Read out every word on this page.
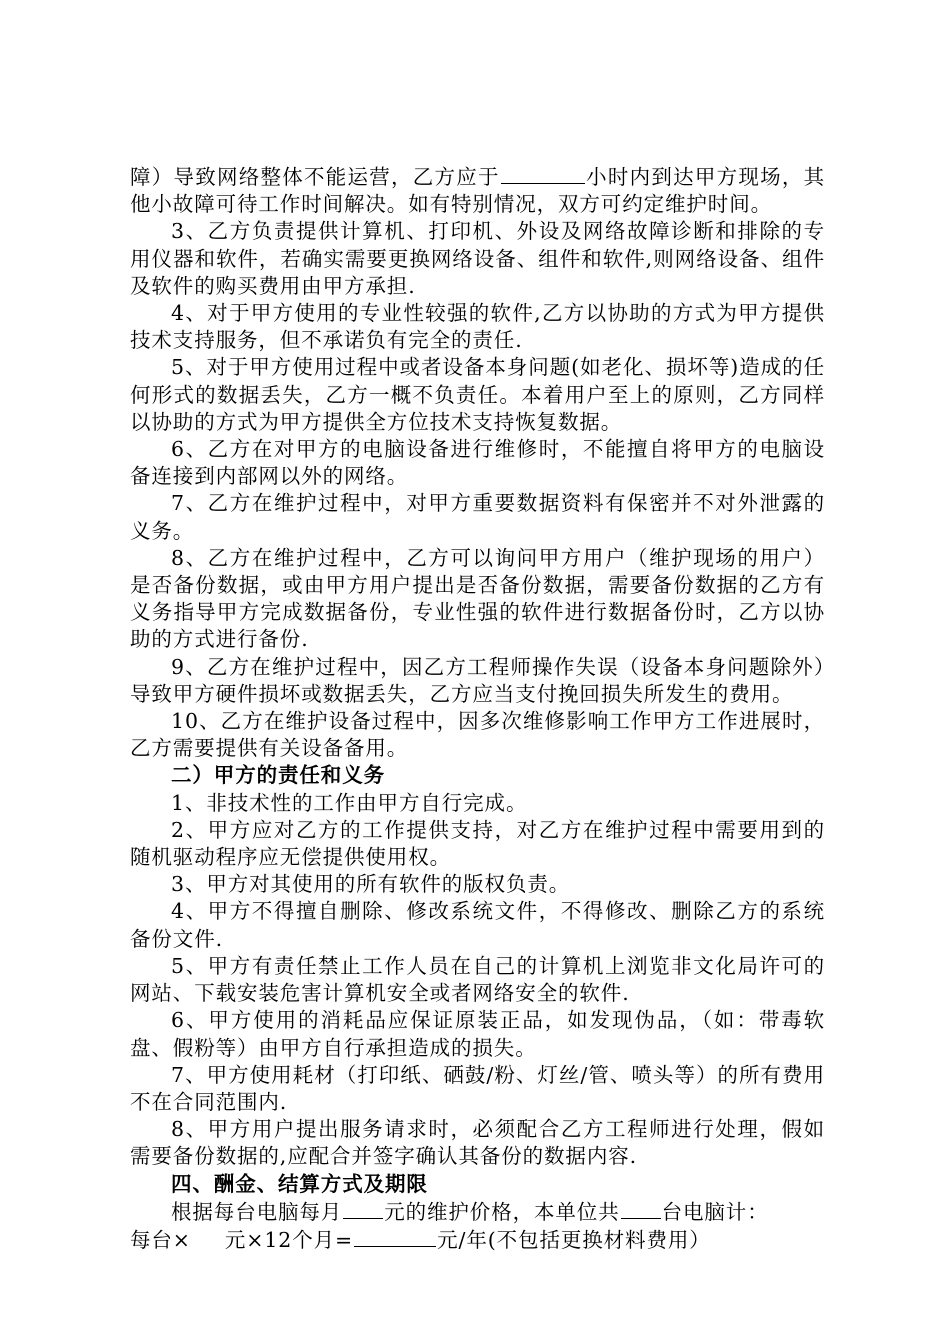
障）导致网络整体不能运营，乙方应于	小时内到达甲方现场，其他小故障可待工作时间解决。如有特别情况，双方可约定维护时间。

3、乙方负责提供计算机、打印机、外设及网络故障诊断和排除的专用仪器和软件，若确实需要更换网络设备、组件和软件,则网络设备、组件及软件的购买费用由甲方承担.

4、对于甲方使用的专业性较强的软件,乙方以协助的方式为甲方提供技术支持服务，但不承诺负有完全的责任.

5、对于甲方使用过程中或者设备本身问题(如老化、损坏等)造成的任何形式的数据丢失，乙方一概不负责任。本着用户至上的原则，乙方同样以协助的方式为甲方提供全方位技术支持恢复数据。

6、乙方在对甲方的电脑设备进行维修时，不能擅自将甲方的电脑设备连接到内部网以外的网络。

7、乙方在维护过程中，对甲方重要数据资料有保密并不对外泄露的义务。

8、乙方在维护过程中，乙方可以询问甲方用户（维护现场的用户）是否备份数据，或由甲方用户提出是否备份数据，需要备份数据的乙方有义务指导甲方完成数据备份，专业性强的软件进行数据备份时，乙方以协助的方式进行备份.

9、乙方在维护过程中，因乙方工程师操作失误（设备本身问题除外）导致甲方硬件损坏或数据丢失，乙方应当支付挽回损失所发生的费用。

10、乙方在维护设备过程中，因多次维修影响工作甲方工作进展时，乙方需要提供有关设备备用。

二）甲方的责任和义务

1、非技术性的工作由甲方自行完成。

2、甲方应对乙方的工作提供支持，对乙方在维护过程中需要用到的随机驱动程序应无偿提供使用权。

3、甲方对其使用的所有软件的版权负责。

4、甲方不得擅自删除、修改系统文件，不得修改、删除乙方的系统备份文件.

5、甲方有责任禁止工作人员在自己的计算机上浏览非文化局许可的网站、下载安装危害计算机安全或者网络安全的软件.

6、甲方使用的消耗品应保证原装正品，如发现伪品，（如：带毒软盘、假粉等）由甲方自行承担造成的损失。

7、甲方使用耗材（打印纸、硒鼓/粉、灯丝/管、喷头等）的所有费用不在合同范围内.

8、甲方用户提出服务请求时，必须配合乙方工程师进行处理，假如需要备份数据的,应配合并签字确认其备份的数据内容.

四、酬金、结算方式及期限

根据每台电脑每月 元的维护价格，本单位共 台电脑计：
每台× 元×12个月=	元/年(不包括更换材料费用）
